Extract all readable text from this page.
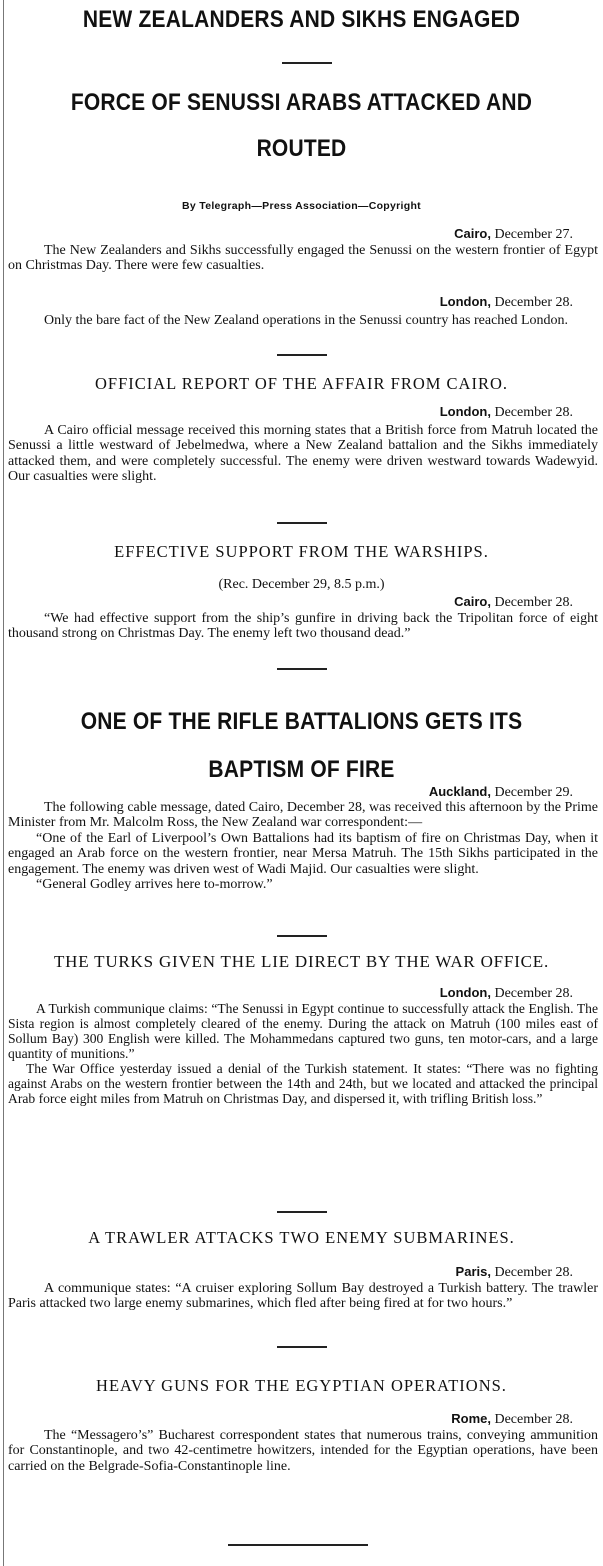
NEW ZEALANDERS AND SIKHS ENGAGED
FORCE OF SENUSSI ARABS ATTACKED AND ROUTED
By Telegraph—Press Association—Copyright
Cairo, December 27.

The New Zealanders and Sikhs successfully engaged the Senussi on the western frontier of Egypt on Christmas Day. There were few casualties.

London, December 28.

Only the bare fact of the New Zealand operations in the Senussi country has reached London.

OFFICIAL REPORT OF THE AFFAIR FROM CAIRO.
London, December 28.

A Cairo official message received this morning states that a British force from Matruh located the Senussi a little westward of Jebelmedwa, where a New Zealand battalion and the Sikhs immediately attacked them, and were completely successful. The enemy were driven westward towards Wadewyid. Our casualties were slight.

EFFECTIVE SUPPORT FROM THE WARSHIPS.
(Rec. December 29, 8.5 p.m.)
Cairo, December 28.

“We had effective support from the ship’s gunfire in driving back the Tripolitan force of eight thousand strong on Christmas Day. The enemy left two thousand dead.”

ONE OF THE RIFLE BATTALIONS GETS ITS BAPTISM OF FIRE
Auckland, December 29.

The following cable message, dated Cairo, December 28, was received this afternoon by the Prime Minister from Mr. Malcolm Ross, the New Zealand war correspondent:—

“One of the Earl of Liverpool’s Own Battalions had its baptism of fire on Christmas Day, when it engaged an Arab force on the western frontier, near Mersa Matruh. The 15th Sikhs participated in the engagement. The enemy was driven west of Wadi Majid. Our casualties were slight.

“General Godley arrives here to-morrow.”

THE TURKS GIVEN THE LIE DIRECT BY THE WAR OFFICE.
London, December 28.

A Turkish communique claims: “The Senussi in Egypt continue to successfully attack the English. The Sista region is almost completely cleared of the enemy. During the attack on Matruh (100 miles east of Sollum Bay) 300 English were killed. The Mohammedans captured two guns, ten motor-cars, and a large quantity of munitions.”

The War Office yesterday issued a denial of the Turkish statement. It states: “There was no fighting against Arabs on the western frontier between the 14th and 24th, but we located and attacked the principal Arab force eight miles from Matruh on Christmas Day, and dispersed it, with trifling British loss.”

A TRAWLER ATTACKS TWO ENEMY SUBMARINES.
Paris, December 28.

A communique states: “A cruiser exploring Sollum Bay destroyed a Turkish battery. The trawler Paris attacked two large enemy submarines, which fled after being fired at for two hours.”

HEAVY GUNS FOR THE EGYPTIAN OPERATIONS.
Rome, December 28.

The “Messagero’s” Bucharest correspondent states that numerous trains, conveying ammunition for Constantinople, and two 42-centimetre howitzers, intended for the Egyptian operations, have been carried on the Belgrade-Sofia-Constantinople line.
